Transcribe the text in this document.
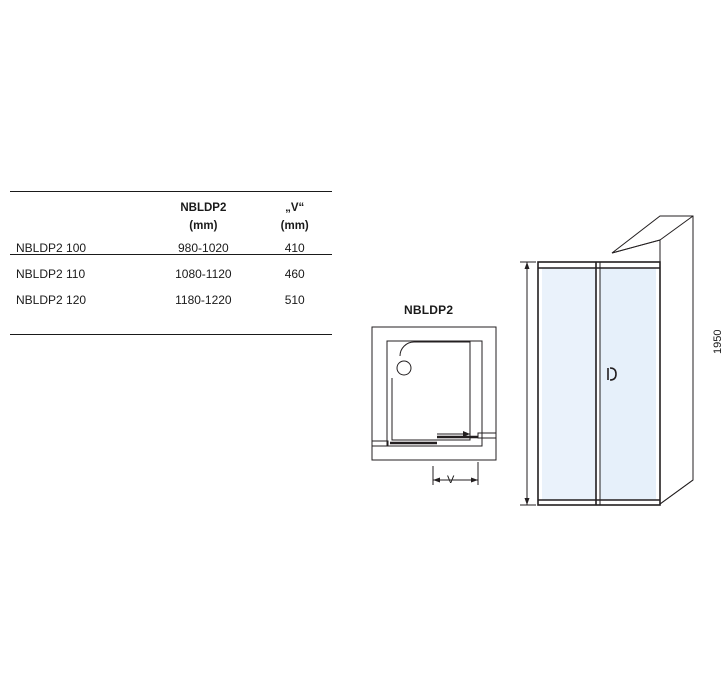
	NBLDP2	„V“
	(mm)	(mm)
NBLDP2 100	980-1020	410
NBLDP2 110	1080-1120	460
NBLDP2 120	1180-1220	510
NBLDP2
V
1950
